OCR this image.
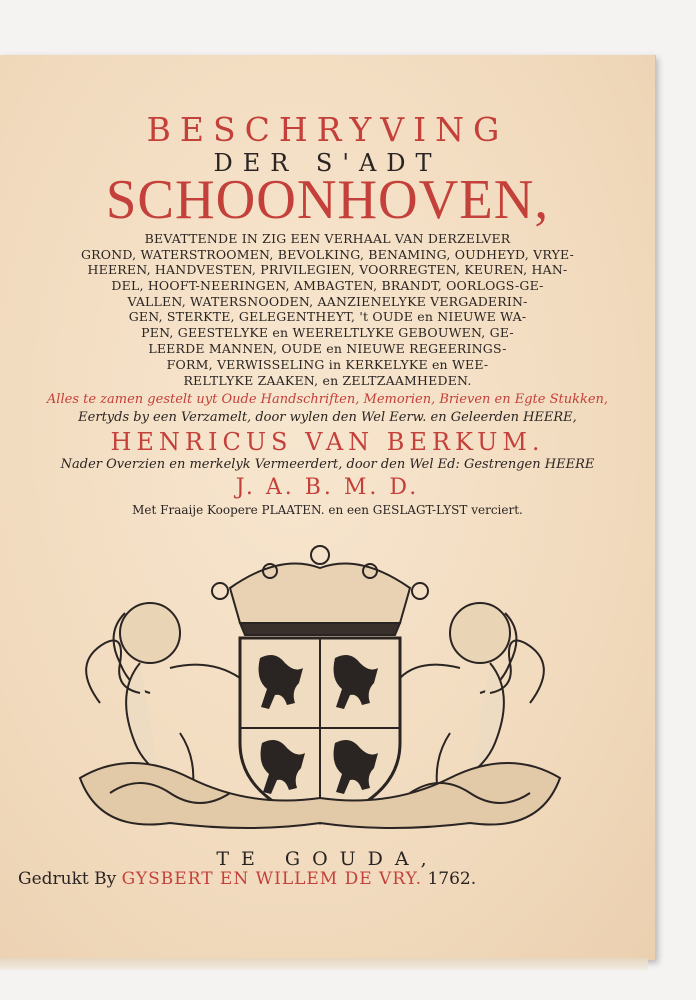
BESCHRYVING
DER S'ADT
SCHOONHOVEN,
BEVATTENDE IN ZIG EEN VERHAAL VAN DERZELVER
GROND, WATERSTROOMEN, BEVOLKING, BENAMING, OUDHEYD, VRYE-
HEEREN, HANDVESTEN, PRIVILEGIEN, VOORREGTEN, KEUREN, HAN-
DEL, HOOFT-NEERINGEN, AMBAGTEN, BRANDT, OORLOGS-GE-
VALLEN, WATERSNOODEN, AANZIENELYKE VERGADERIN-
GEN, STERKTE, GELEGENTHEYT, 't OUDE en NIEUWE WA-
PEN, GEESTELYKE en WEERELTLYKE GEBOUWEN, GE-
LEERDE MANNEN, OUDE en NIEUWE REGEERINGS-
FORM, VERWISSELING in KERKELYKE en WEE-
RELTLYKE ZAAKEN, en ZELTZAAMHEDEN.
Alles te zamen gestelt uyt Oude Handschriften, Memorien, Brieven en Egte Stukken,
Eertyds by een Verzamelt, door wylen den Wel Eerw. en Geleerden HEERE,
HENRICUS VAN BERKUM.
Nader Overzien en merkelyk Vermeerdert, door den Wel Ed: Gestrengen HEERE
J. A. B. M. D.
Met Fraaije Koopere PLAATEN. en een GESLAGT-LYST verciert.
TE GOUDA,
Gedrukt By GYSBERT EN WILLEM DE VRY. 1762.
